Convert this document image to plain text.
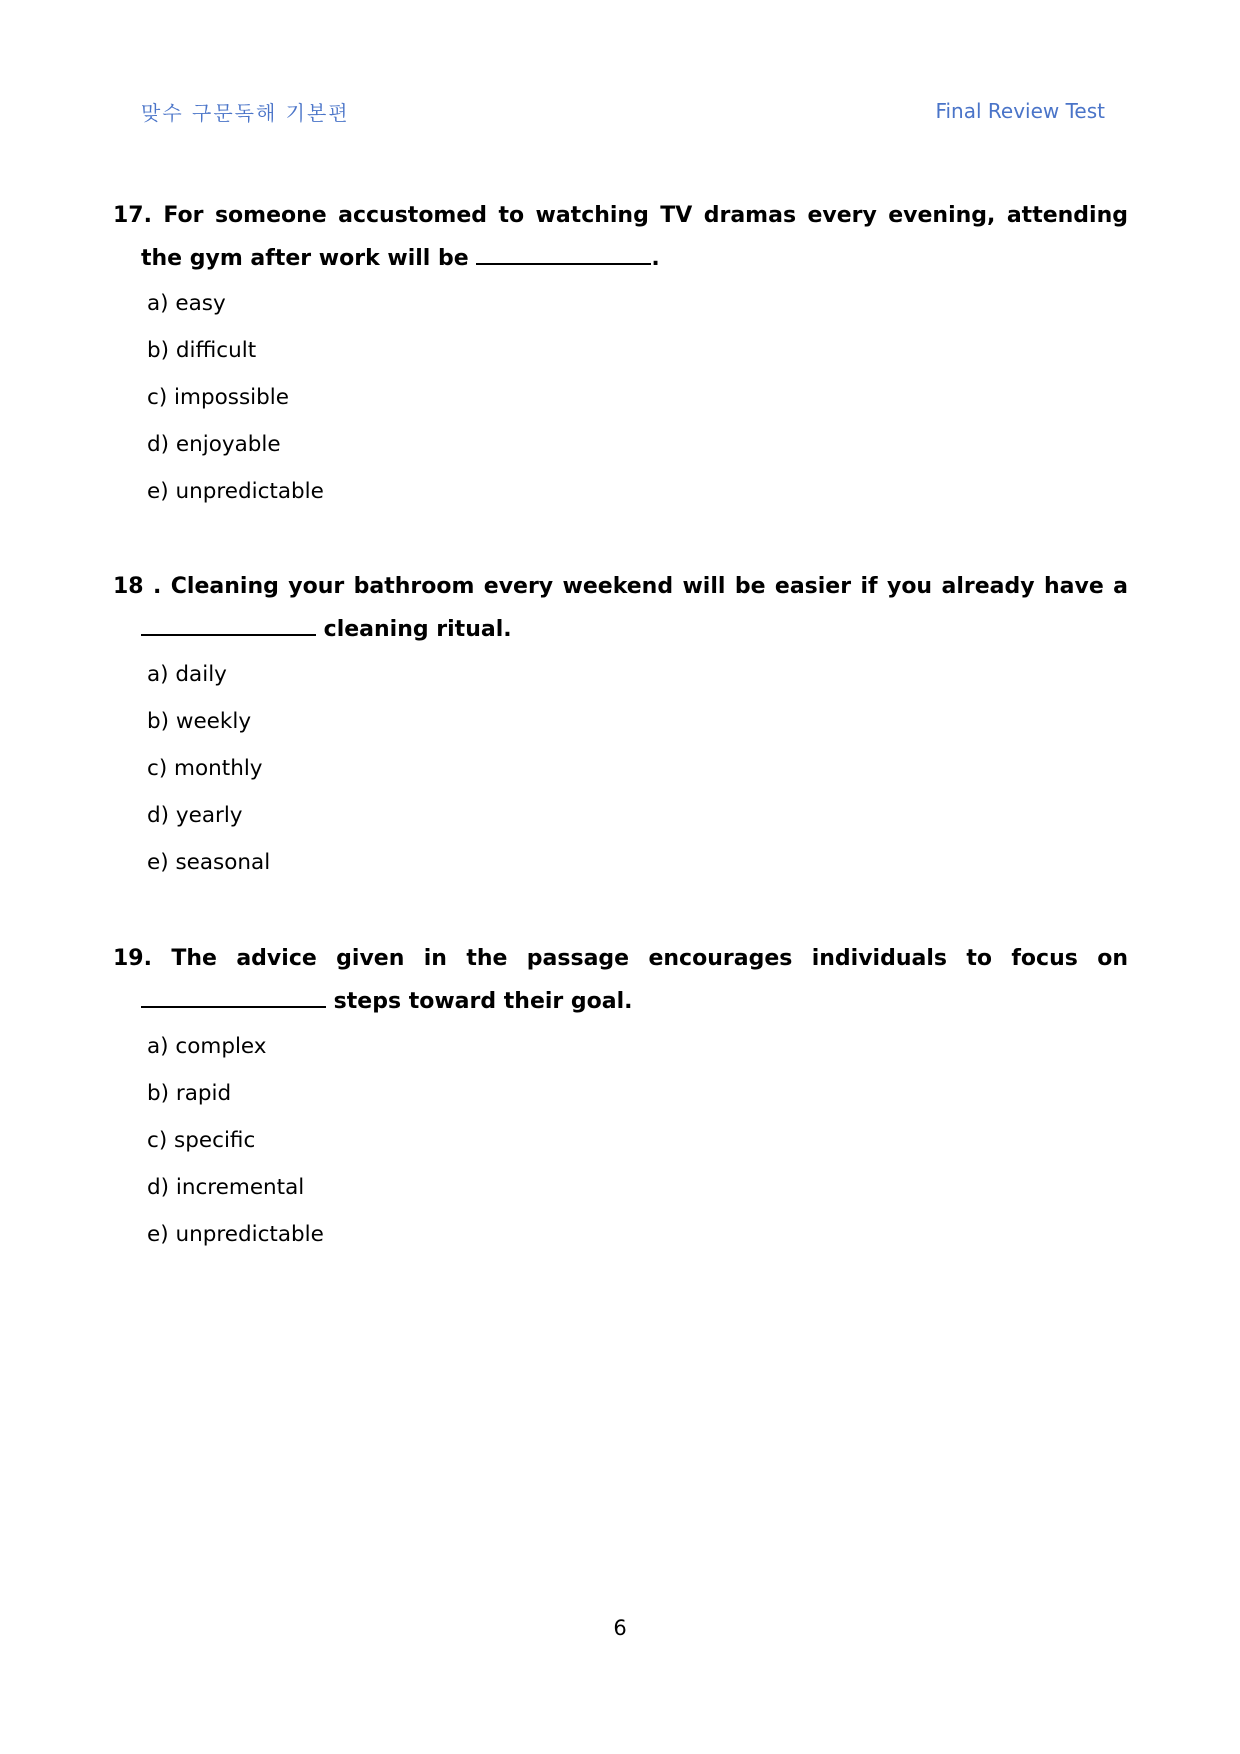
맞수 구문독해 기본편	Final Review Test
17. For someone accustomed to watching TV dramas every evening, attending the gym after work will be	.
a) easy
b) difficult
c) impossible
d) enjoyable
e) unpredictable
18 . Cleaning your bathroom every weekend will be easier if you already have a  cleaning ritual.
a) daily
b) weekly
c) monthly
d) yearly
e) seasonal
19. The advice given in the passage encourages individuals to focus on  steps toward their goal.
a) complex
b) rapid
c) specific
d) incremental
e) unpredictable
6
